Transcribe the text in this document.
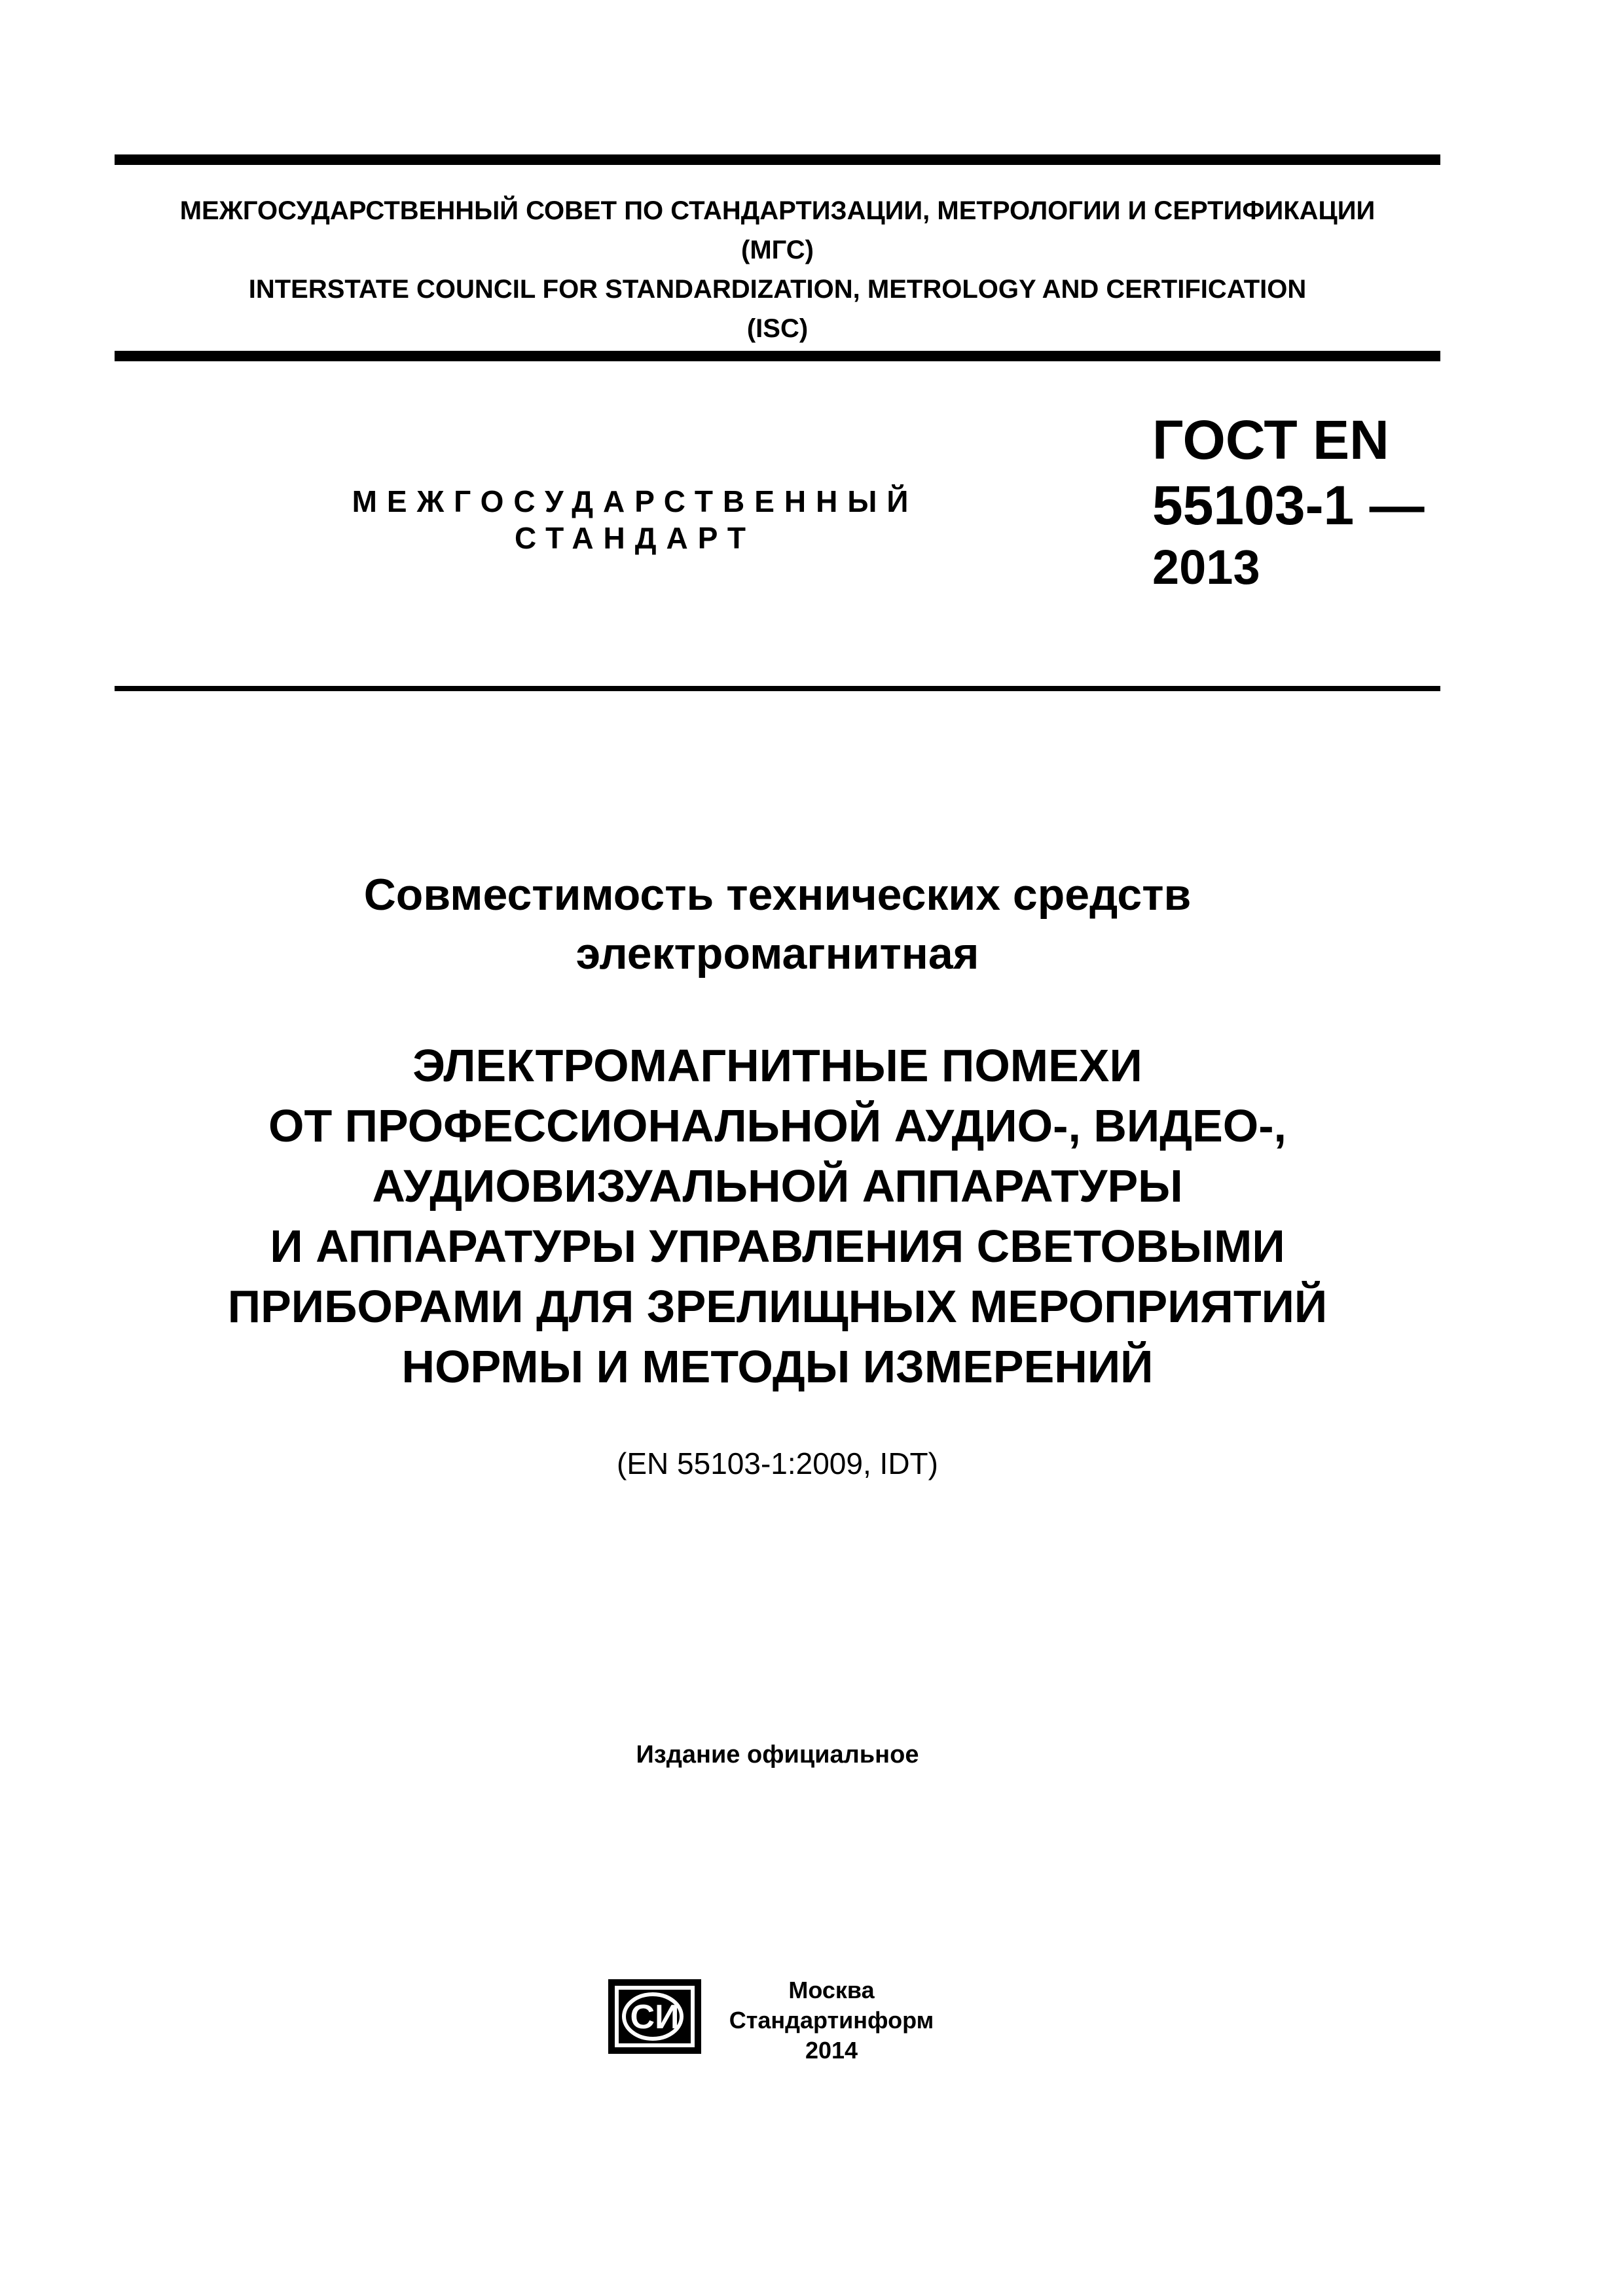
МЕЖГОСУДАРСТВЕННЫЙ СОВЕТ ПО СТАНДАРТИЗАЦИИ, МЕТРОЛОГИИ И СЕРТИФИКАЦИИ
(МГС)
INTERSTATE COUNCIL FOR STANDARDIZATION, METROLOGY AND CERTIFICATION
(ISC)
МЕЖГОСУДАРСТВЕННЫЙ
СТАНДАРТ
ГОСТ EN
55103-1 —
2013
Совместимость технических средств
электромагнитная
ЭЛЕКТРОМАГНИТНЫЕ ПОМЕХИ
ОТ ПРОФЕССИОНАЛЬНОЙ АУДИО-, ВИДЕО-,
АУДИОВИЗУАЛЬНОЙ АППАРАТУРЫ
И АППАРАТУРЫ УПРАВЛЕНИЯ СВЕТОВЫМИ
ПРИБОРАМИ ДЛЯ ЗРЕЛИЩНЫХ МЕРОПРИЯТИЙ
НОРМЫ И МЕТОДЫ ИЗМЕРЕНИЙ
(EN 55103-1:2009, IDT)
Издание официальное
СИ
Москва
Стандартинформ
2014
